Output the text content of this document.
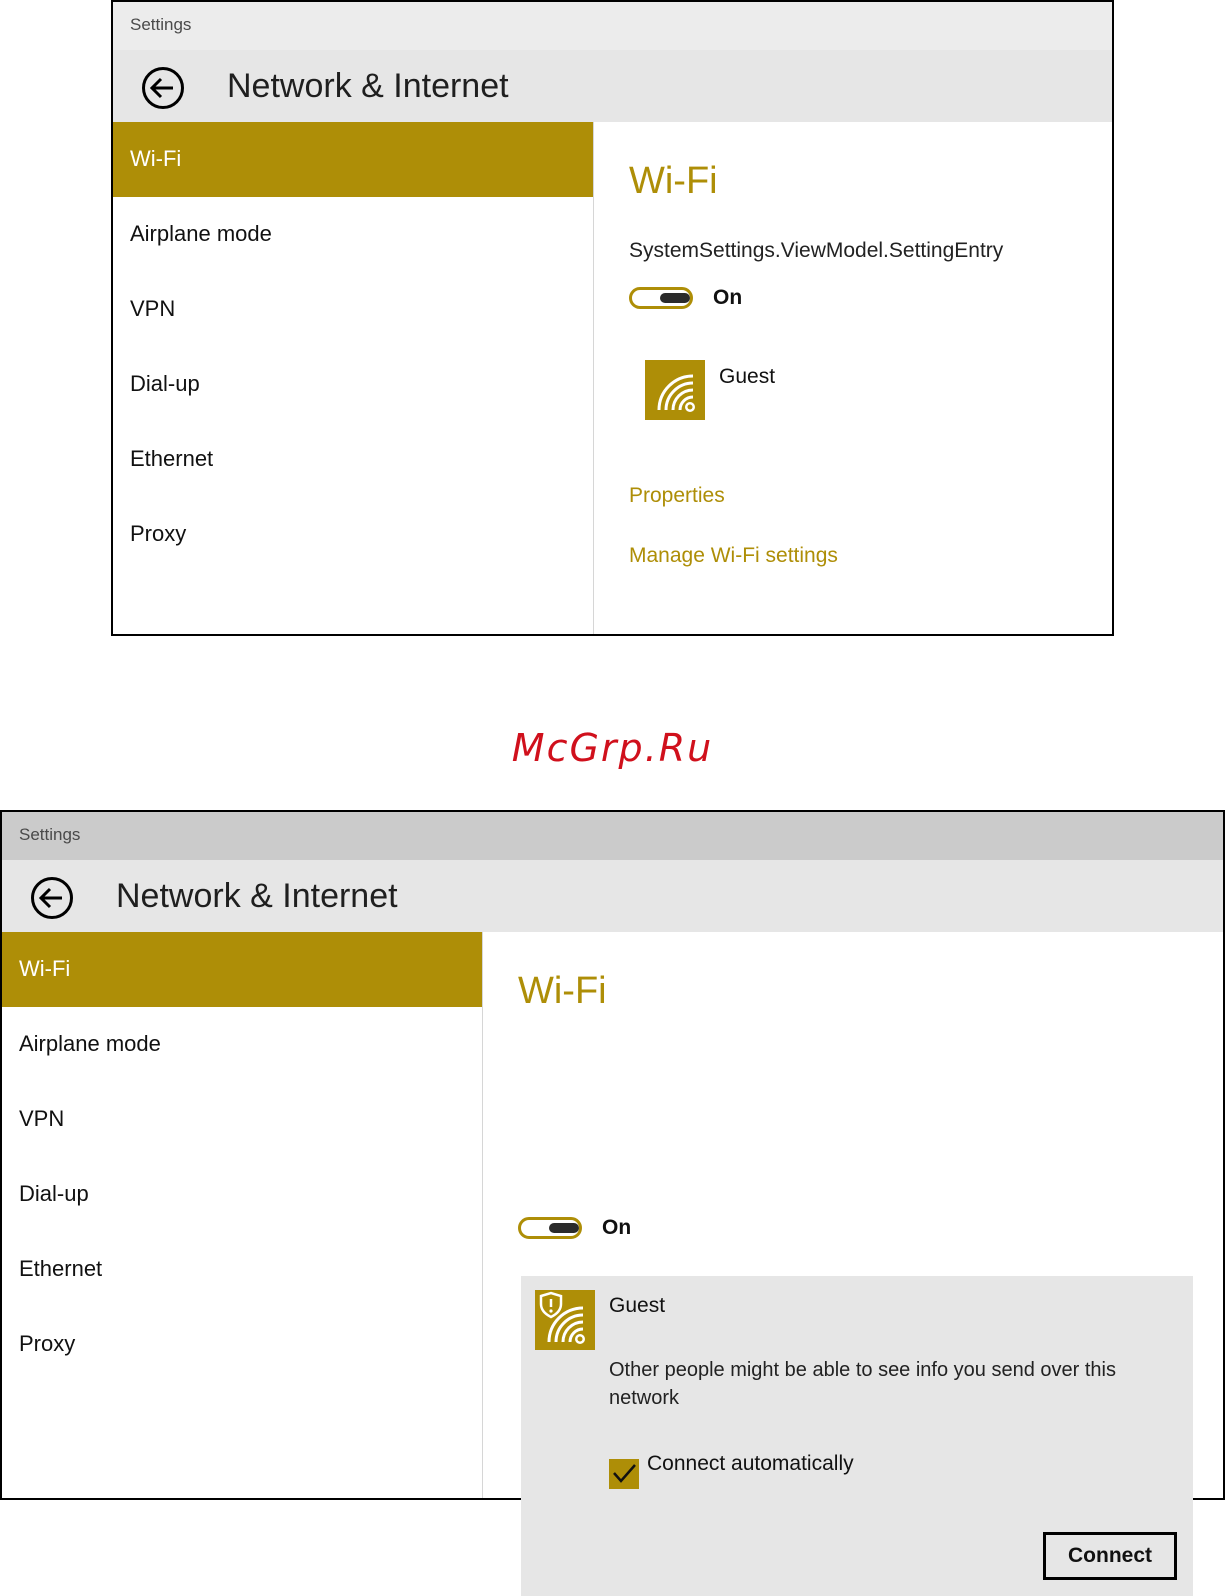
Settings
Network & Internet
Wi-Fi
Airplane mode
VPN
Dial-up
Ethernet
Proxy
Wi-Fi
SystemSettings.ViewModel.SettingEntry
On
Guest
Properties
Manage Wi-Fi settings
McGrp.Ru
Settings
Network & Internet
Wi-Fi
Airplane mode
VPN
Dial-up
Ethernet
Proxy
Wi-Fi
On
Guest
Other people might be able to see info you send over this network
Connect automatically
Connect
